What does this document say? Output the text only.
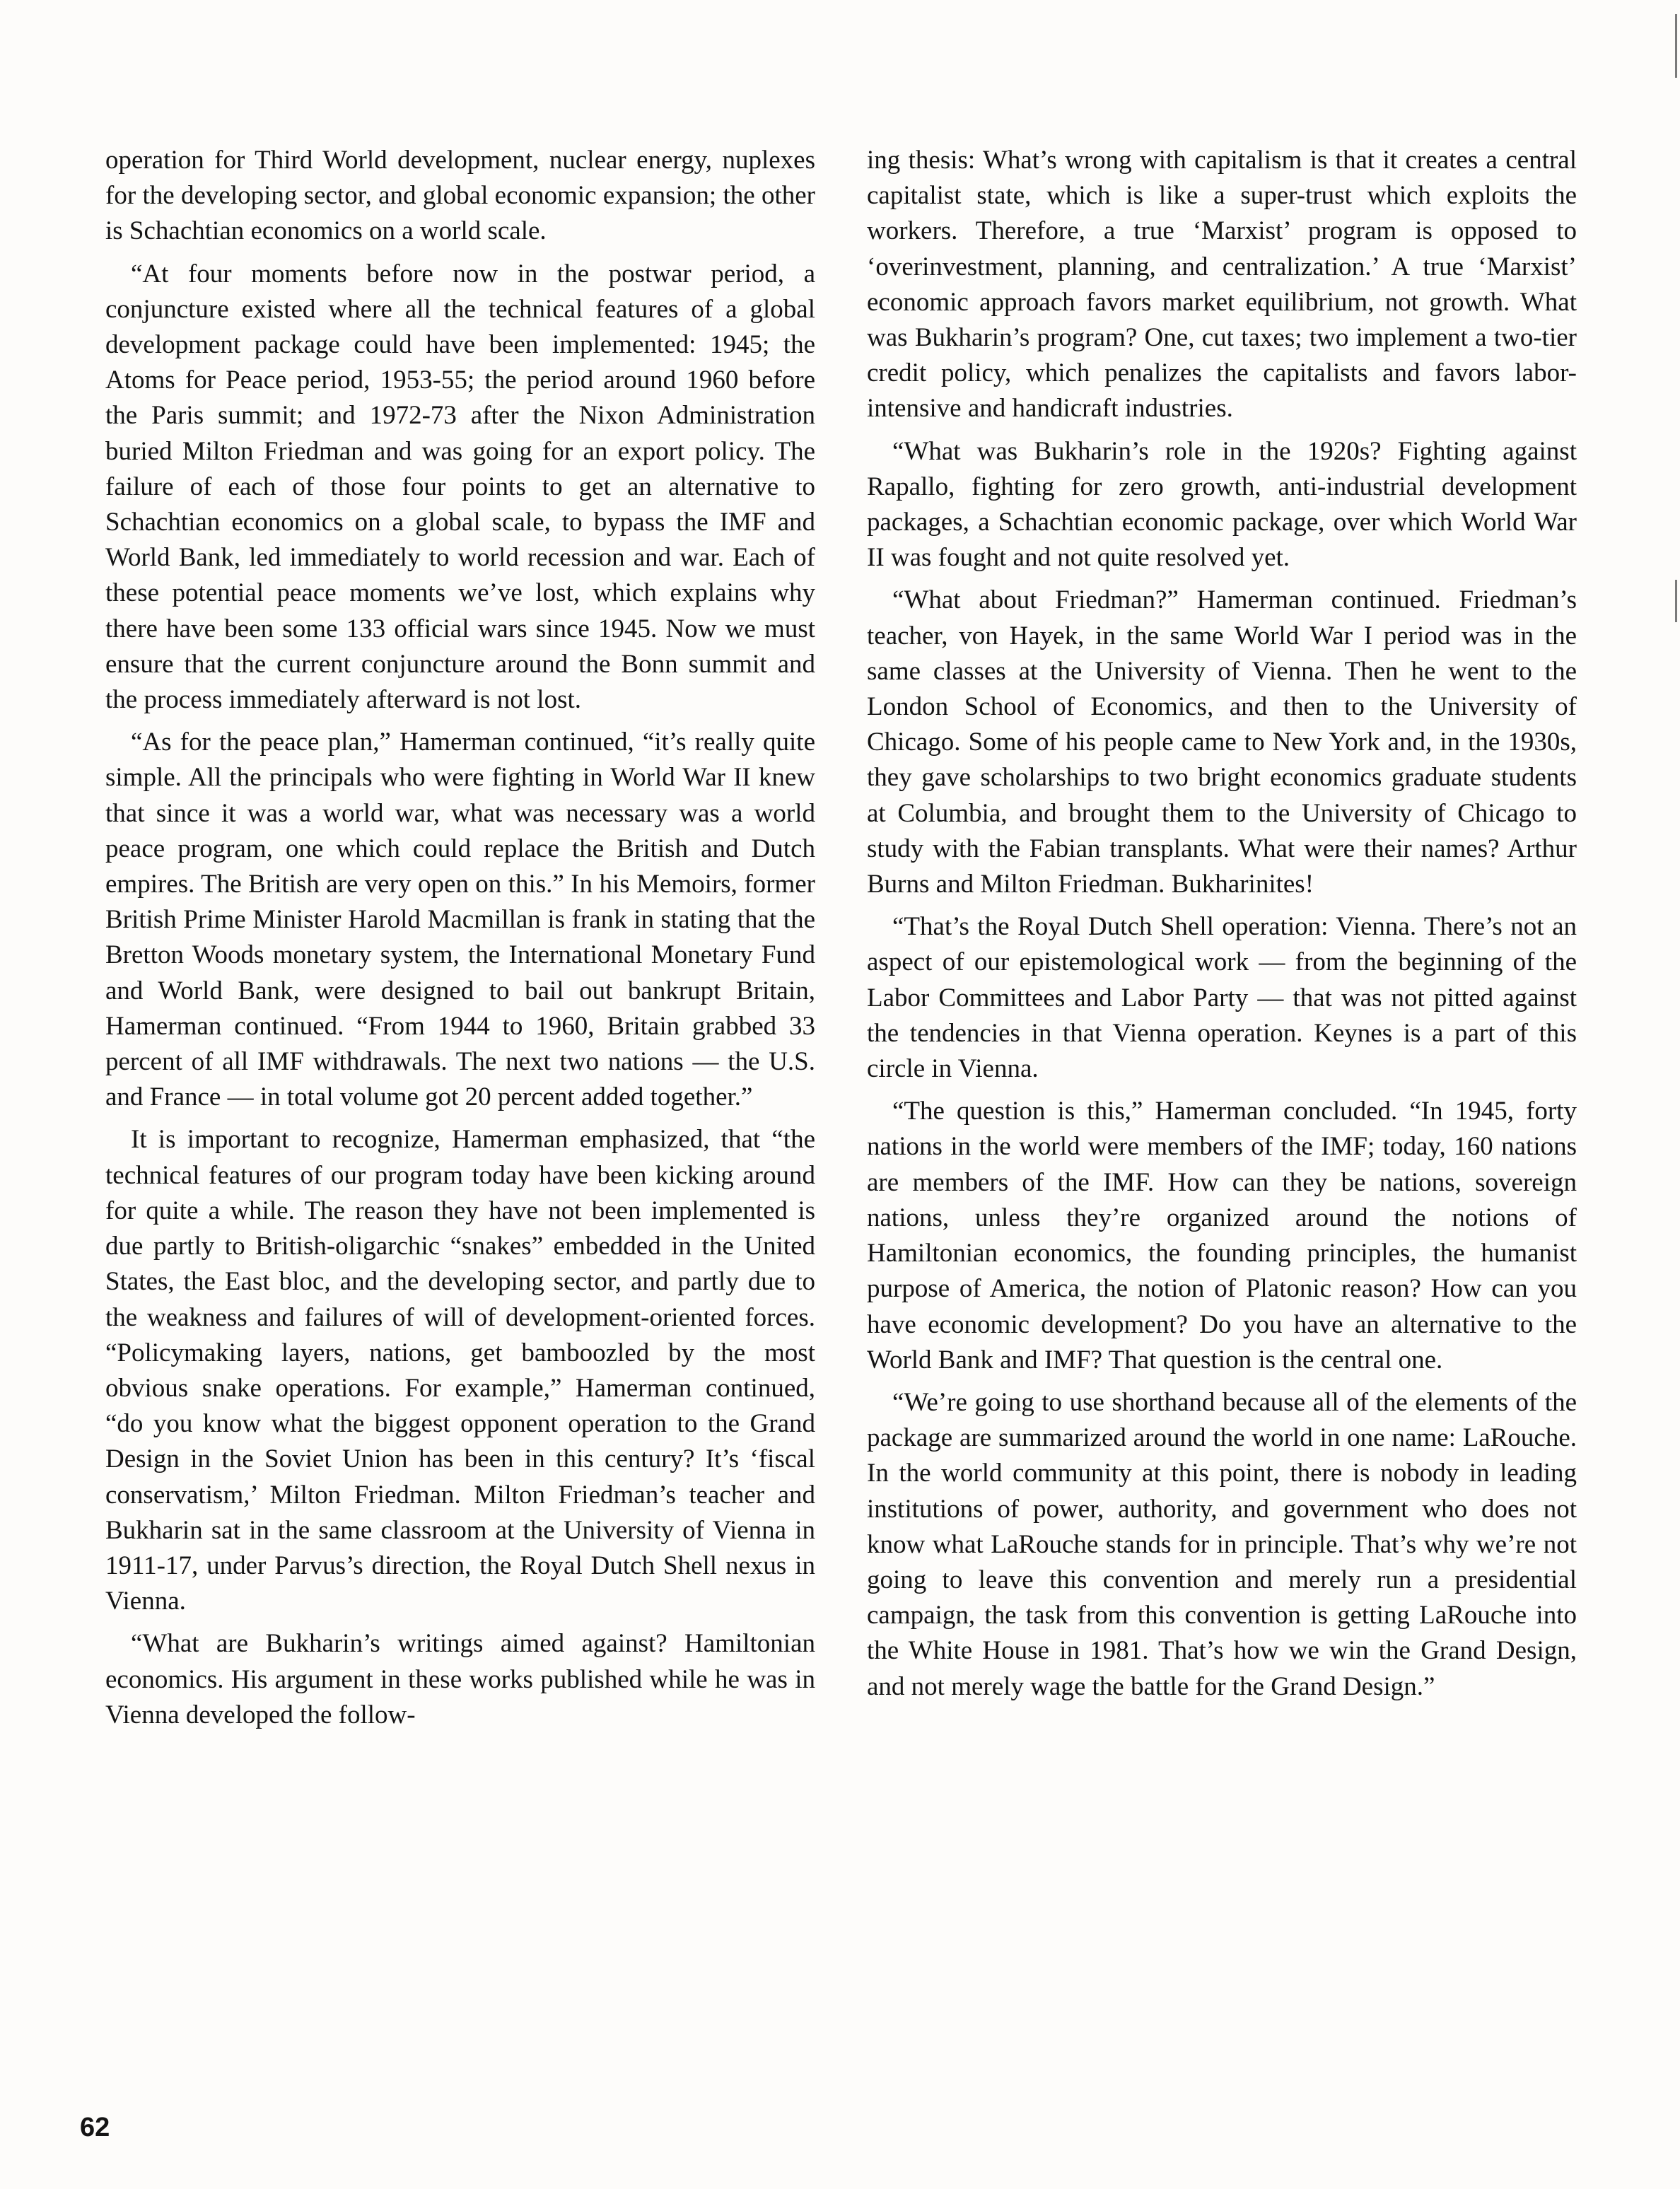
operation for Third World development, nuclear energy, nuplexes for the developing sector, and global economic expansion; the other is Schachtian economics on a world scale.

“At four moments before now in the postwar period, a conjuncture existed where all the technical features of a global development package could have been implemented: 1945; the Atoms for Peace period, 1953-55; the period around 1960 before the Paris summit; and 1972-73 after the Nixon Administration buried Milton Friedman and was going for an export policy. The failure of each of those four points to get an alternative to Schachtian economics on a global scale, to bypass the IMF and World Bank, led immediately to world recession and war. Each of these potential peace moments we’ve lost, which explains why there have been some 133 official wars since 1945. Now we must ensure that the current conjuncture around the Bonn summit and the process immediately afterward is not lost.

“As for the peace plan,” Hamerman continued, “it’s really quite simple. All the principals who were fighting in World War II knew that since it was a world war, what was necessary was a world peace program, one which could replace the British and Dutch empires. The British are very open on this.” In his Memoirs, former British Prime Minister Harold Macmillan is frank in stating that the Bretton Woods monetary system, the International Monetary Fund and World Bank, were designed to bail out bankrupt Britain, Hamerman continued. “From 1944 to 1960, Britain grabbed 33 percent of all IMF withdrawals. The next two nations — the U.S. and France — in total volume got 20 percent added together.”

It is important to recognize, Hamerman emphasized, that “the technical features of our program today have been kicking around for quite a while. The reason they have not been implemented is due partly to British-oligarchic “snakes” embedded in the United States, the East bloc, and the developing sector, and partly due to the weakness and failures of will of development-oriented forces. “Policymaking layers, nations, get bamboozled by the most obvious snake operations. For example,” Hamerman continued, “do you know what the biggest opponent operation to the Grand Design in the Soviet Union has been in this century? It’s ‘fiscal conservatism,’ Milton Friedman. Milton Friedman’s teacher and Bukharin sat in the same classroom at the University of Vienna in 1911-17, under Parvus’s direction, the Royal Dutch Shell nexus in Vienna.

“What are Bukharin’s writings aimed against? Hamiltonian economics. His argument in these works published while he was in Vienna developed the follow-

ing thesis: What’s wrong with capitalism is that it creates a central capitalist state, which is like a super-trust which exploits the workers. Therefore, a true ‘Marxist’ program is opposed to ‘overinvestment, planning, and centralization.’ A true ‘Marxist’ economic approach favors market equilibrium, not growth. What was Bukharin’s program? One, cut taxes; two implement a two-tier credit policy, which penalizes the capitalists and favors labor-intensive and handicraft industries.

“What was Bukharin’s role in the 1920s? Fighting against Rapallo, fighting for zero growth, anti-industrial development packages, a Schachtian economic package, over which World War II was fought and not quite resolved yet.

“What about Friedman?” Hamerman continued. Friedman’s teacher, von Hayek, in the same World War I period was in the same classes at the University of Vienna. Then he went to the London School of Economics, and then to the University of Chicago. Some of his people came to New York and, in the 1930s, they gave scholarships to two bright economics graduate students at Columbia, and brought them to the University of Chicago to study with the Fabian transplants. What were their names? Arthur Burns and Milton Friedman. Bukharinites!

“That’s the Royal Dutch Shell operation: Vienna. There’s not an aspect of our epistemological work — from the beginning of the Labor Committees and Labor Party — that was not pitted against the tendencies in that Vienna operation. Keynes is a part of this circle in Vienna.

“The question is this,” Hamerman concluded. “In 1945, forty nations in the world were members of the IMF; today, 160 nations are members of the IMF. How can they be nations, sovereign nations, unless they’re organized around the notions of Hamiltonian economics, the founding principles, the humanist purpose of America, the notion of Platonic reason? How can you have economic development? Do you have an alternative to the World Bank and IMF? That question is the central one.

“We’re going to use shorthand because all of the elements of the package are summarized around the world in one name: LaRouche. In the world community at this point, there is nobody in leading institutions of power, authority, and government who does not know what LaRouche stands for in principle. That’s why we’re not going to leave this convention and merely run a presidential campaign, the task from this convention is getting LaRouche into the White House in 1981. That’s how we win the Grand Design, and not merely wage the battle for the Grand Design.”

62
